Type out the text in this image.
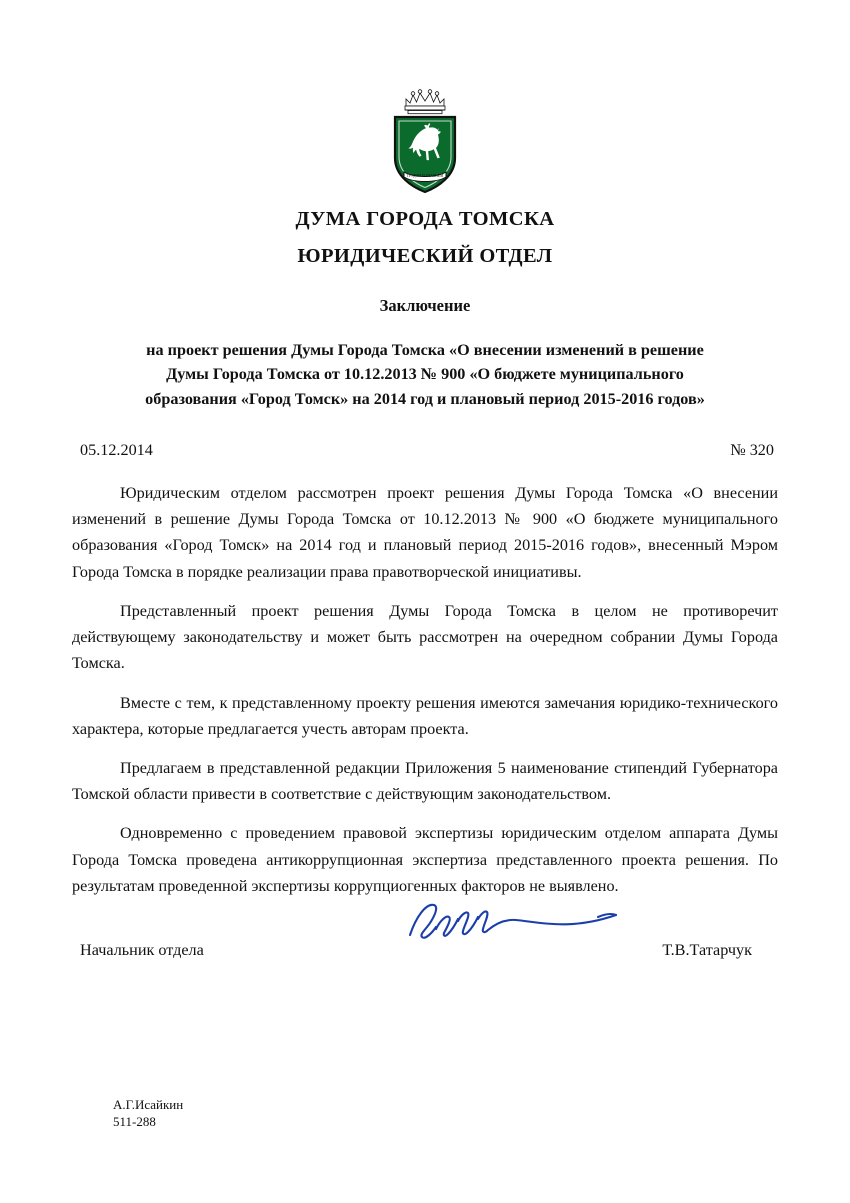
ТРУДОМ И ЗНАНИЕМ
ДУМА ГОРОДА ТОМСКА
ЮРИДИЧЕСКИЙ ОТДЕЛ
Заключение
на проект решения Думы Города Томска «О внесении изменений в решение
Думы Города Томска от 10.12.2013 № 900 «О бюджете муниципального
образования «Город Томск» на 2014 год и плановый период 2015-2016 годов»
05.12.2014	№ 320

Юридическим отделом рассмотрен проект решения Думы Города Томска «О внесении изменений в решение Думы Города Томска от 10.12.2013 № 900 «О бюджете муниципального образования «Город Томск» на 2014 год и плановый период 2015-2016 годов», внесенный Мэром Города Томска в порядке реализации права правотворческой инициативы.

Представленный проект решения Думы Города Томска в целом не противоречит действующему законодательству и может быть рассмотрен на очередном собрании Думы Города Томска.

Вместе с тем, к представленному проекту решения имеются замечания юридико-технического характера, которые предлагается учесть авторам проекта.

Предлагаем в представленной редакции Приложения 5 наименование стипендий Губернатора Томской области привести в соответствие с действующим законодательством.

Одновременно с проведением правовой экспертизы юридическим отделом аппарата Думы Города Томска проведена антикоррупционная экспертиза представленного проекта решения. По результатам проведенной экспертизы коррупциогенных факторов не выявлено.

Начальник отдела	Т.В.Татарчук
А.Г.Исайкин
511-288
